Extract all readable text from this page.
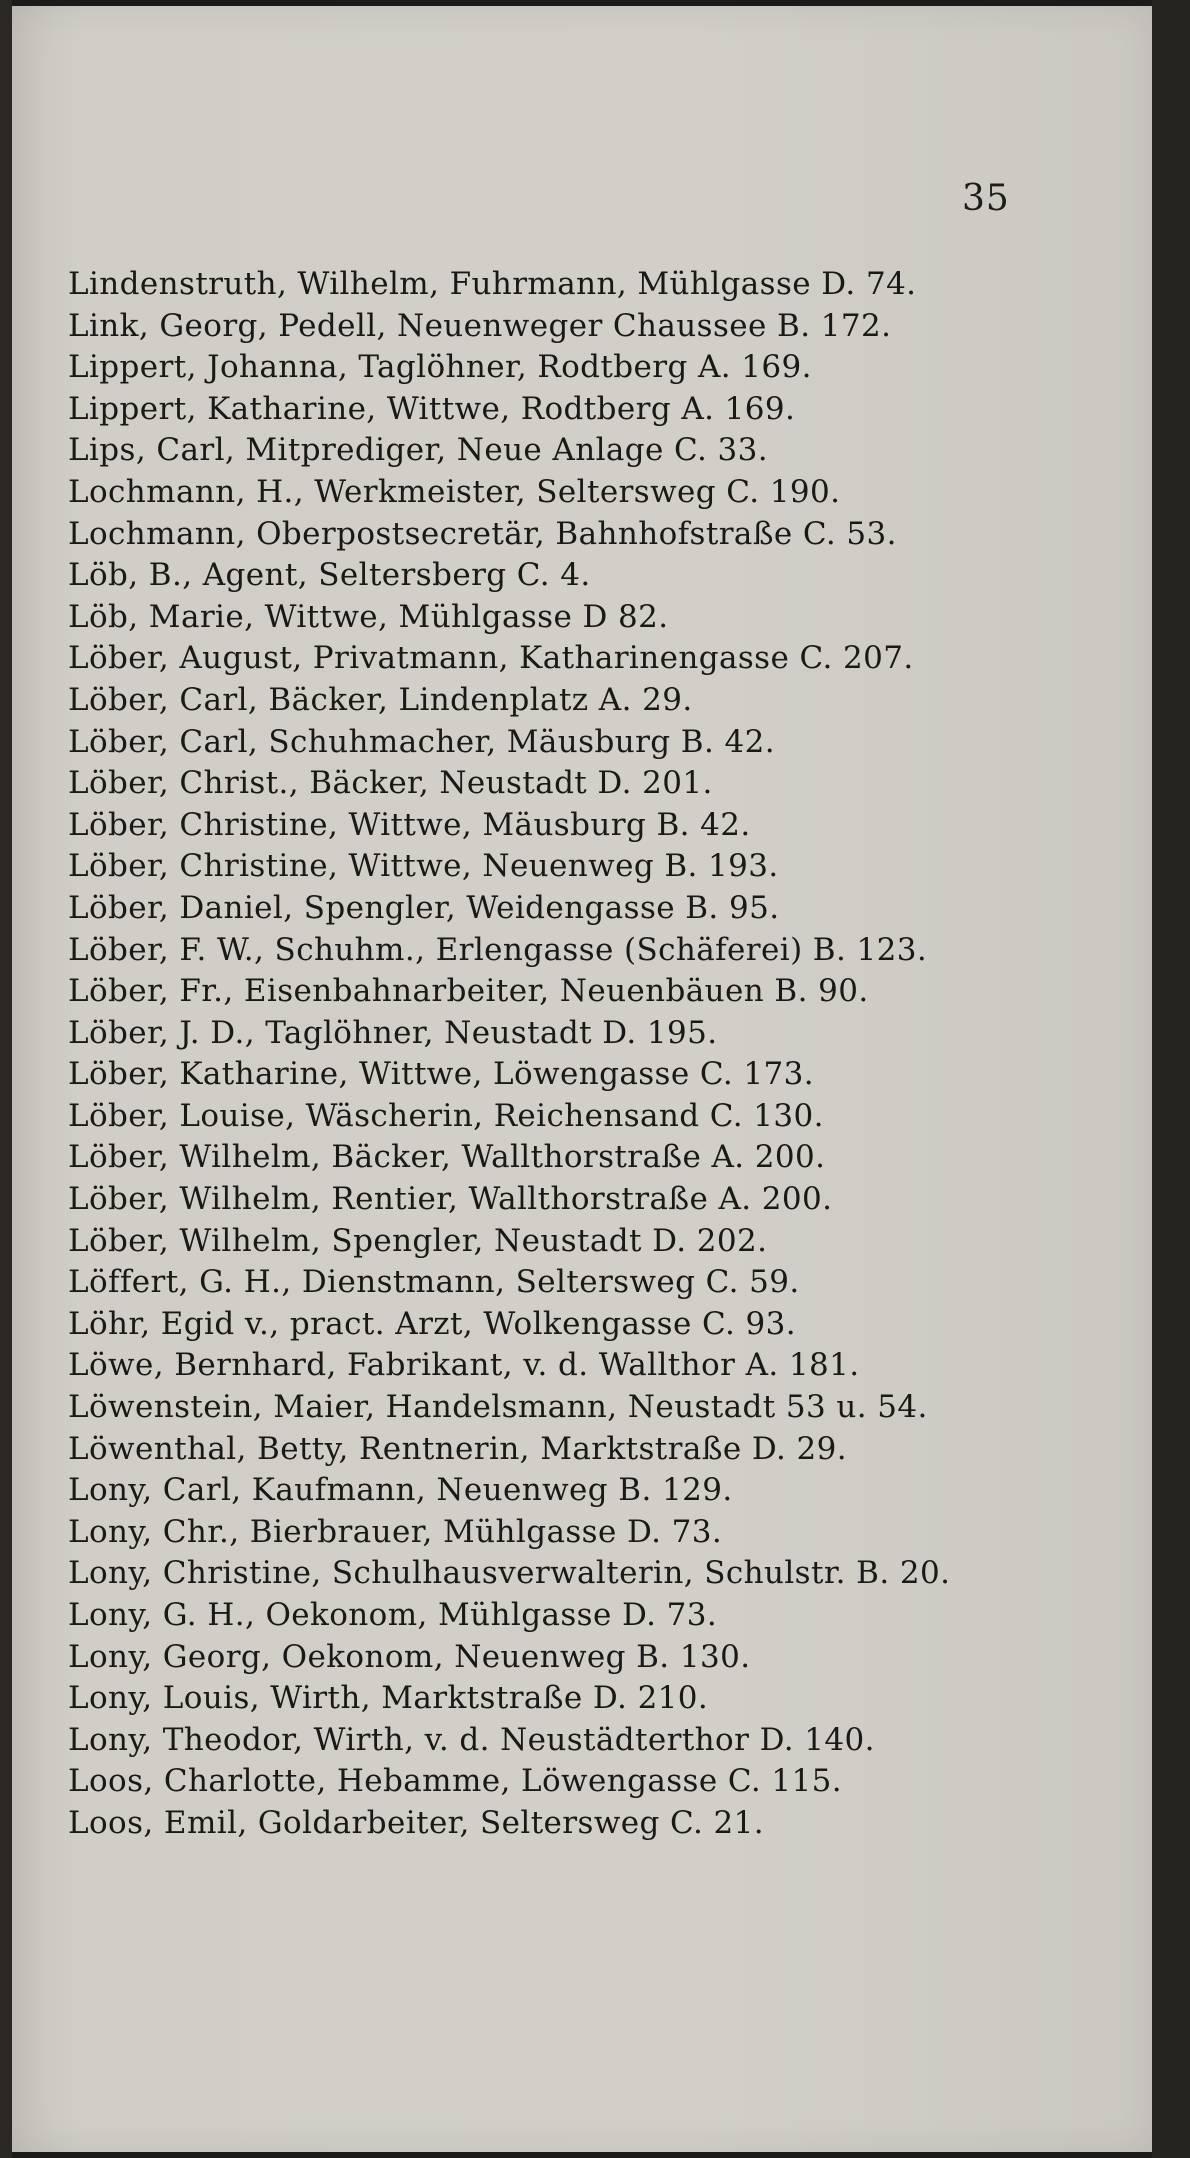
35
Lindenstruth, Wilhelm, Fuhrmann, Mühlgasse D. 74.
Link, Georg, Pedell, Neuenweger Chaussee B. 172.
Lippert, Johanna, Taglöhner, Rodtberg A. 169.
Lippert, Katharine, Wittwe, Rodtberg A. 169.
Lips, Carl, Mitprediger, Neue Anlage C. 33.
Lochmann, H., Werkmeister, Seltersweg C. 190.
Lochmann, Oberpostsecretär, Bahnhofstraße C. 53.
Löb, B., Agent, Seltersberg C. 4.
Löb, Marie, Wittwe, Mühlgasse D 82.
Löber, August, Privatmann, Katharinengasse C. 207.
Löber, Carl, Bäcker, Lindenplatz A. 29.
Löber, Carl, Schuhmacher, Mäusburg B. 42.
Löber, Christ., Bäcker, Neustadt D. 201.
Löber, Christine, Wittwe, Mäusburg B. 42.
Löber, Christine, Wittwe, Neuenweg B. 193.
Löber, Daniel, Spengler, Weidengasse B. 95.
Löber, F. W., Schuhm., Erlengasse (Schäferei) B. 123.
Löber, Fr., Eisenbahnarbeiter, Neuenbäuen B. 90.
Löber, J. D., Taglöhner, Neustadt D. 195.
Löber, Katharine, Wittwe, Löwengasse C. 173.
Löber, Louise, Wäscherin, Reichensand C. 130.
Löber, Wilhelm, Bäcker, Wallthorstraße A. 200.
Löber, Wilhelm, Rentier, Wallthorstraße A. 200.
Löber, Wilhelm, Spengler, Neustadt D. 202.
Löffert, G. H., Dienstmann, Seltersweg C. 59.
Löhr, Egid v., pract. Arzt, Wolkengasse C. 93.
Löwe, Bernhard, Fabrikant, v. d. Wallthor A. 181.
Löwenstein, Maier, Handelsmann, Neustadt 53 u. 54.
Löwenthal, Betty, Rentnerin, Marktstraße D. 29.
Lony, Carl, Kaufmann, Neuenweg B. 129.
Lony, Chr., Bierbrauer, Mühlgasse D. 73.
Lony, Christine, Schulhausverwalterin, Schulstr. B. 20.
Lony, G. H., Oekonom, Mühlgasse D. 73.
Lony, Georg, Oekonom, Neuenweg B. 130.
Lony, Louis, Wirth, Marktstraße D. 210.
Lony, Theodor, Wirth, v. d. Neustädterthor D. 140.
Loos, Charlotte, Hebamme, Löwengasse C. 115.
Loos, Emil, Goldarbeiter, Seltersweg C. 21.
